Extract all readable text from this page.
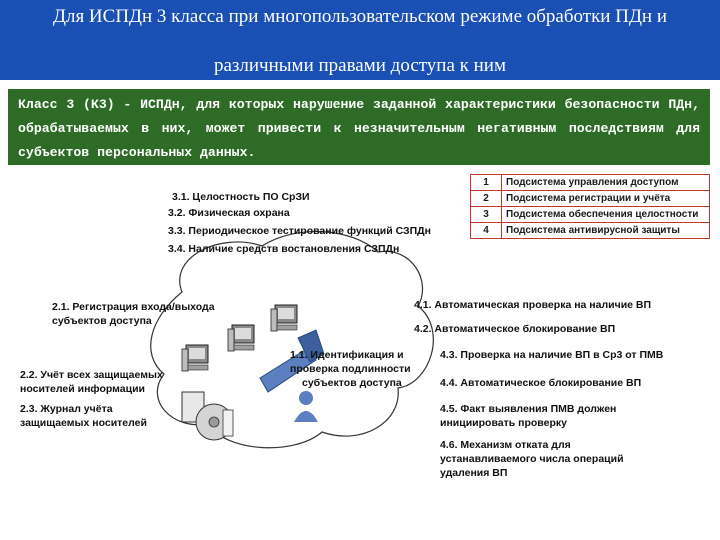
Для ИСПДн 3 класса при многопользовательском режиме обработки ПДн и
различными правами доступа к ним
Класс 3 (К3) - ИСПДн, для которых нарушение заданной характеристики безопасности ПДн, обрабатываемых в них, может привести к незначительным негативным последствиям для субъектов персональных данных.
1	Подсистема управления доступом
2	Подсистема регистрации и учёта
3	Подсистема обеспечения целостности
4	Подсистема антивирусной защиты
3.1. Целостность ПО СрЗИ
3.2. Физическая охрана
3.3. Периодическое тестирование функций СЗПДн
3.4. Наличие средств востановления СЗПДн
2.1. Регистрация входа/выхода
субъектов доступа
2.2. Учёт всех защищаемых
носителей информации
2.3. Журнал учёта
защищаемых носителей
1.1. Идентификация и
проверка подлинности
субъектов доступа
4.1. Автоматическая проверка на наличие ВП
4.2. Автоматическое блокирование ВП
4.3. Проверка на наличие ВП в Ср3 от ПМВ
4.4. Автоматическое блокирование ВП
4.5. Факт выявления ПМВ должен
инициировать проверку
4.6. Механизм отката для
устанавливаемого числа операций
удаления ВП
